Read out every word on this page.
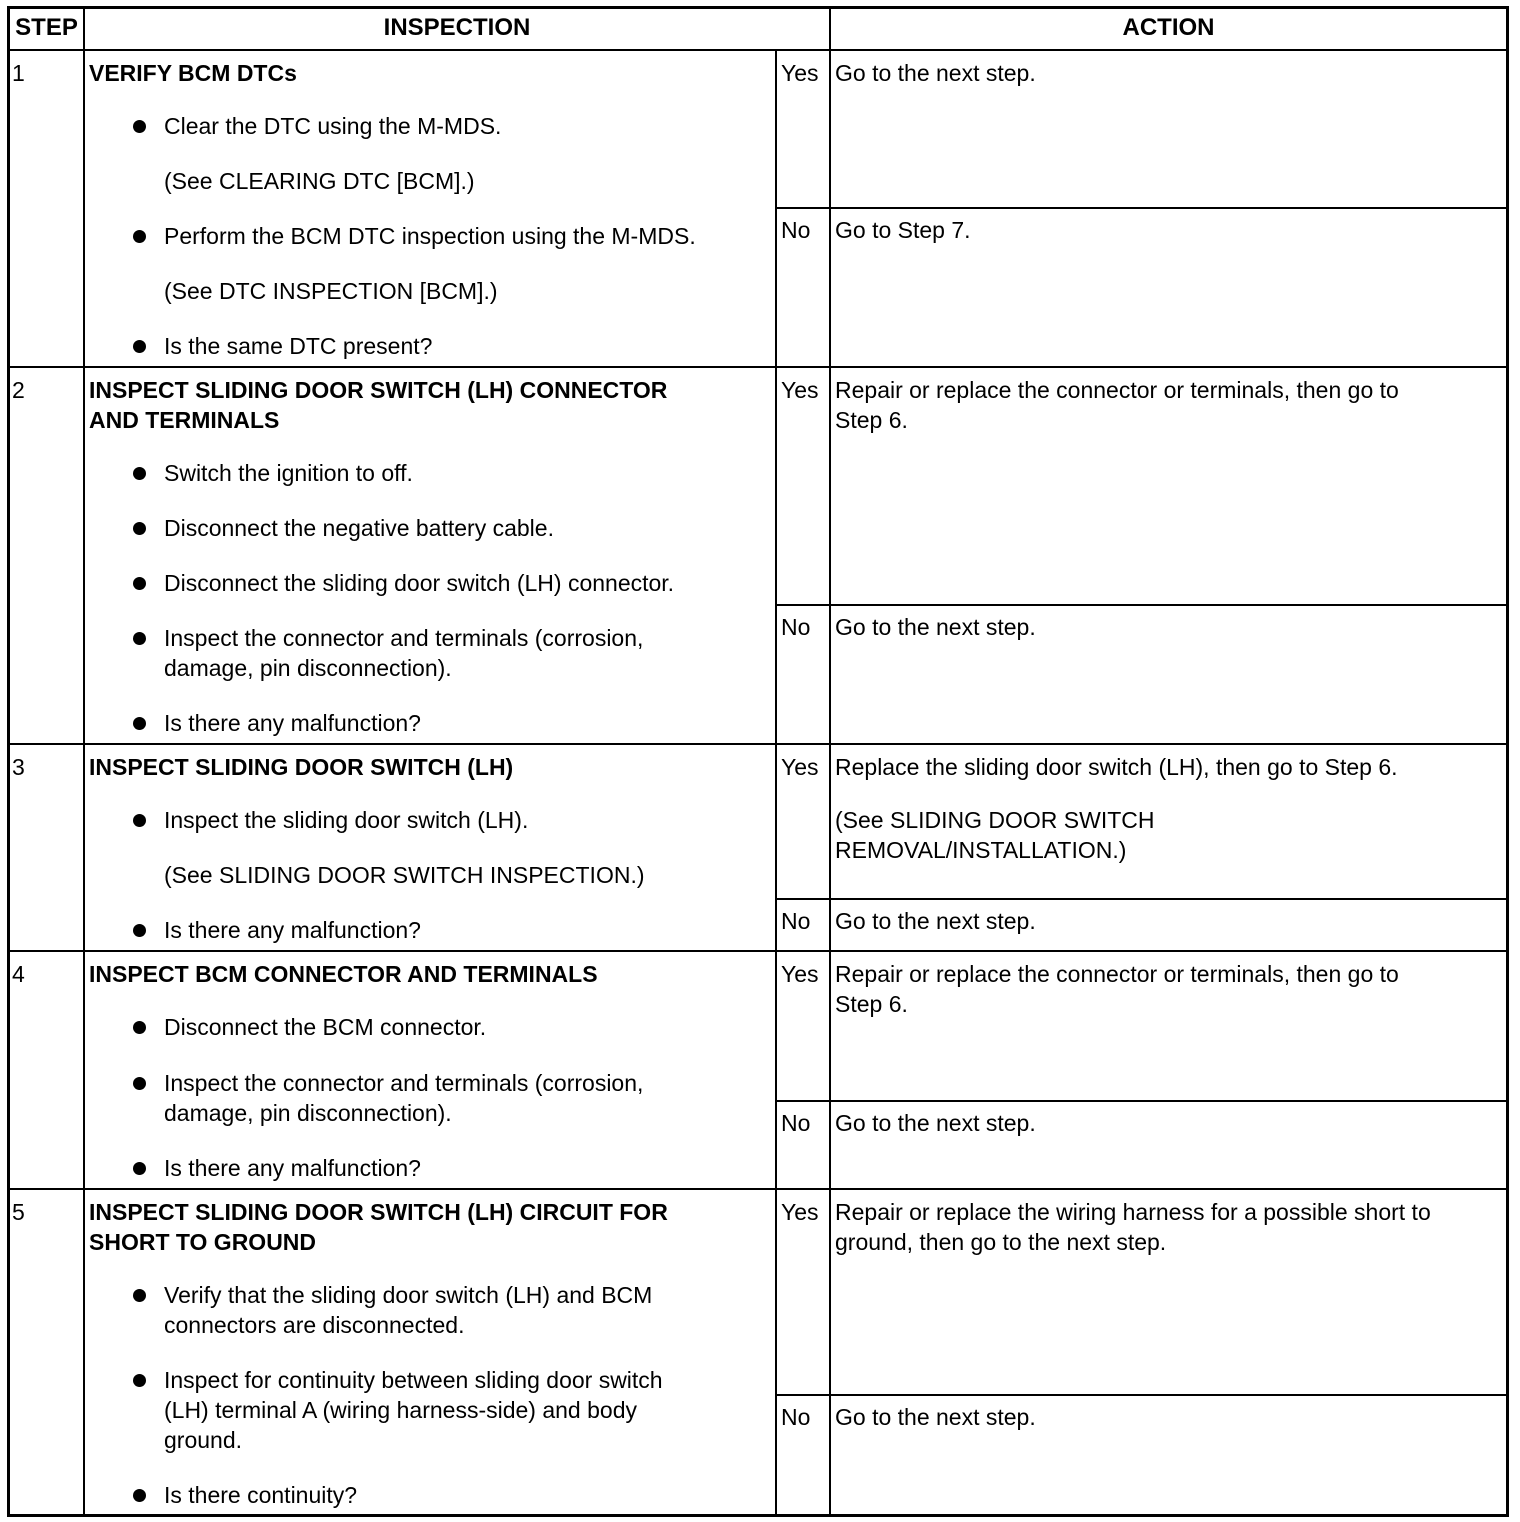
STEP	INSPECTION	ACTION
1	VERIFY BCM DTCs
Clear the DTC using the M-MDS.
(See CLEARING DTC [BCM].)
Perform the BCM DTC inspection using the M-MDS.
(See DTC INSPECTION [BCM].)
Is the same DTC present?
Yes Go to the next step.
No Go to Step 7.
2	INSPECT SLIDING DOOR SWITCH (LH) CONNECTOR
AND TERMINALS
Switch the ignition to off.
Disconnect the negative battery cable.
Disconnect the sliding door switch (LH) connector.
Inspect the connector and terminals (corrosion,
damage, pin disconnection).
Is there any malfunction?
Yes Repair or replace the connector or terminals, then go to
Step 6.
No Go to the next step.
3	INSPECT SLIDING DOOR SWITCH (LH)
Inspect the sliding door switch (LH).
(See SLIDING DOOR SWITCH INSPECTION.)
Is there any malfunction?
Yes Replace the sliding door switch (LH), then go to Step 6.
(See SLIDING DOOR SWITCH
REMOVAL/INSTALLATION.)
No Go to the next step.
4	INSPECT BCM CONNECTOR AND TERMINALS
Disconnect the BCM connector.
Inspect the connector and terminals (corrosion,
damage, pin disconnection).
Is there any malfunction?
Yes Repair or replace the connector or terminals, then go to
Step 6.
No Go to the next step.
5	INSPECT SLIDING DOOR SWITCH (LH) CIRCUIT FOR
SHORT TO GROUND
Verify that the sliding door switch (LH) and BCM
connectors are disconnected.
Inspect for continuity between sliding door switch
(LH) terminal A (wiring harness-side) and body
ground.
Is there continuity?
Yes Repair or replace the wiring harness for a possible short to
ground, then go to the next step.
No Go to the next step.
